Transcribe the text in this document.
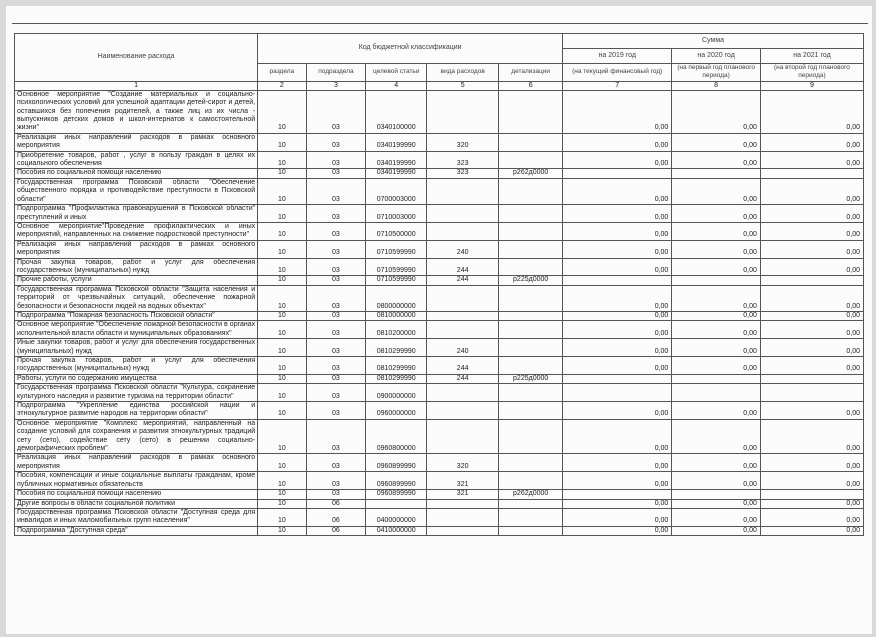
Наименование расхода	Код бюджетной классификации					Сумма		
						на 2019 год	на 2020 год	на 2021 год
	раздела	подраздела	целевой статьи	вида расходов	детализации	(на текущий финансовый год)	(на первый год планового периода)	(на второй год планового периода)
1	2	3	4	5	6	7	8	9
Основное мероприятие "Создание материальных и социально-психологических условий для успешной адаптации детей-сирот и детей, оставшихся без попечения родителей, а также лиц из их числа - выпускников детских домов и школ-интернатов к самостоятельной жизни"	10	03	0340100000			0,00	0,00	0,00
Реализация иных направлений расходов в рамках основного мероприятия	10	03	0340199990	320		0,00	0,00	0,00
Приобретение товаров, работ , услуг в пользу граждан в целях их социального обеспечения	10	03	0340199990	323		0,00	0,00	0,00
Пособия по социальной помощи населению	10	03	0340199990	323	p262д0000			
Государственная программа Псковской области "Обеспечение общественного порядка и противодействие преступности в Псковской области"	10	03	0700003000			0,00	0,00	0,00
Подпрограмма "Профилактика правонарушений в Псковской области" преступлений и иных	10	03	0710003000			0,00	0,00	0,00
Основное мероприятие"Проведение профилактических и иных мероприятий, направленных на снижение подростковой преступности"	10	03	0710500000			0,00	0,00	0,00
Реализация иных направлений расходов в рамках основного мероприятия	10	03	0710599990	240		0,00	0,00	0,00
Прочая закупка товаров, работ и услуг для обеспечения государственных (муниципальных) нужд	10	03	0710599990	244		0,00	0,00	0,00
Прочие работы, услуги	10	03	0710599990	244	p225д0000			
Государственная программа Псковской области "Защита населения и территорий от чрезвычайных ситуаций, обеспечение пожарной безопасности и безопасности людей на водных объектах"	10	03	0800000000			0,00	0,00	0,00
Подпрограмма "Пожарная безопасность Псковской области"	10	03	0810000000			0,00	0,00	0,00
Основное мероприятие "Обеспечение пожарной безопасности в органах исполнительной власти области и муниципальных образованиях"	10	03	0810200000			0,00	0,00	0,00
Иные закупки товаров, работ и услуг для обеспечения государственных (муниципальных) нужд	10	03	0810299990	240		0,00	0,00	0,00
Прочая закупка товаров, работ и услуг для обеспечения государственных (муниципальных) нужд	10	03	0810299990	244		0,00	0,00	0,00
Работы, услуги по содержанию имущества	10	03	0810299990	244	p225д0000			
Государственная программа Псковской области "Культура, сохранение культурного наследия и развитие туризма на территории области"	10	03	0900000000					
Подпрограмма "Укрепление единства российской нации и этнокультурное развитие народов на территории области"	10	03	0960000000			0,00	0,00	0,00
Основное мероприятие "Комплекс мероприятий, направленный на создание условий для сохранения и развития этнокультурных традиций сету (сето), содействие сету (сето) в решении социально-демографических проблем"	10	03	0960800000			0,00	0,00	0,00
Реализация иных направлений расходов в рамках основного мероприятия	10	03	0960899990	320		0,00	0,00	0,00
Пособия, компенсации и иные социальные выплаты гражданам, кроме публичных нормативных обязательств	10	03	0960899990	321		0,00	0,00	0,00
Пособия по социальной помощи населению	10	03	0960899990	321	p262д0000			
Другие вопросы в области социальной политики	10	06				0,00	0,00	0,00
Государственная программа Псковской области "Доступная среда для инвалидов и иных маломобильных групп населения"	10	06	0400000000			0,00	0,00	0,00
Подпрограмма "Доступная среда"	10	06	0410000000			0,00	0,00	0,00
